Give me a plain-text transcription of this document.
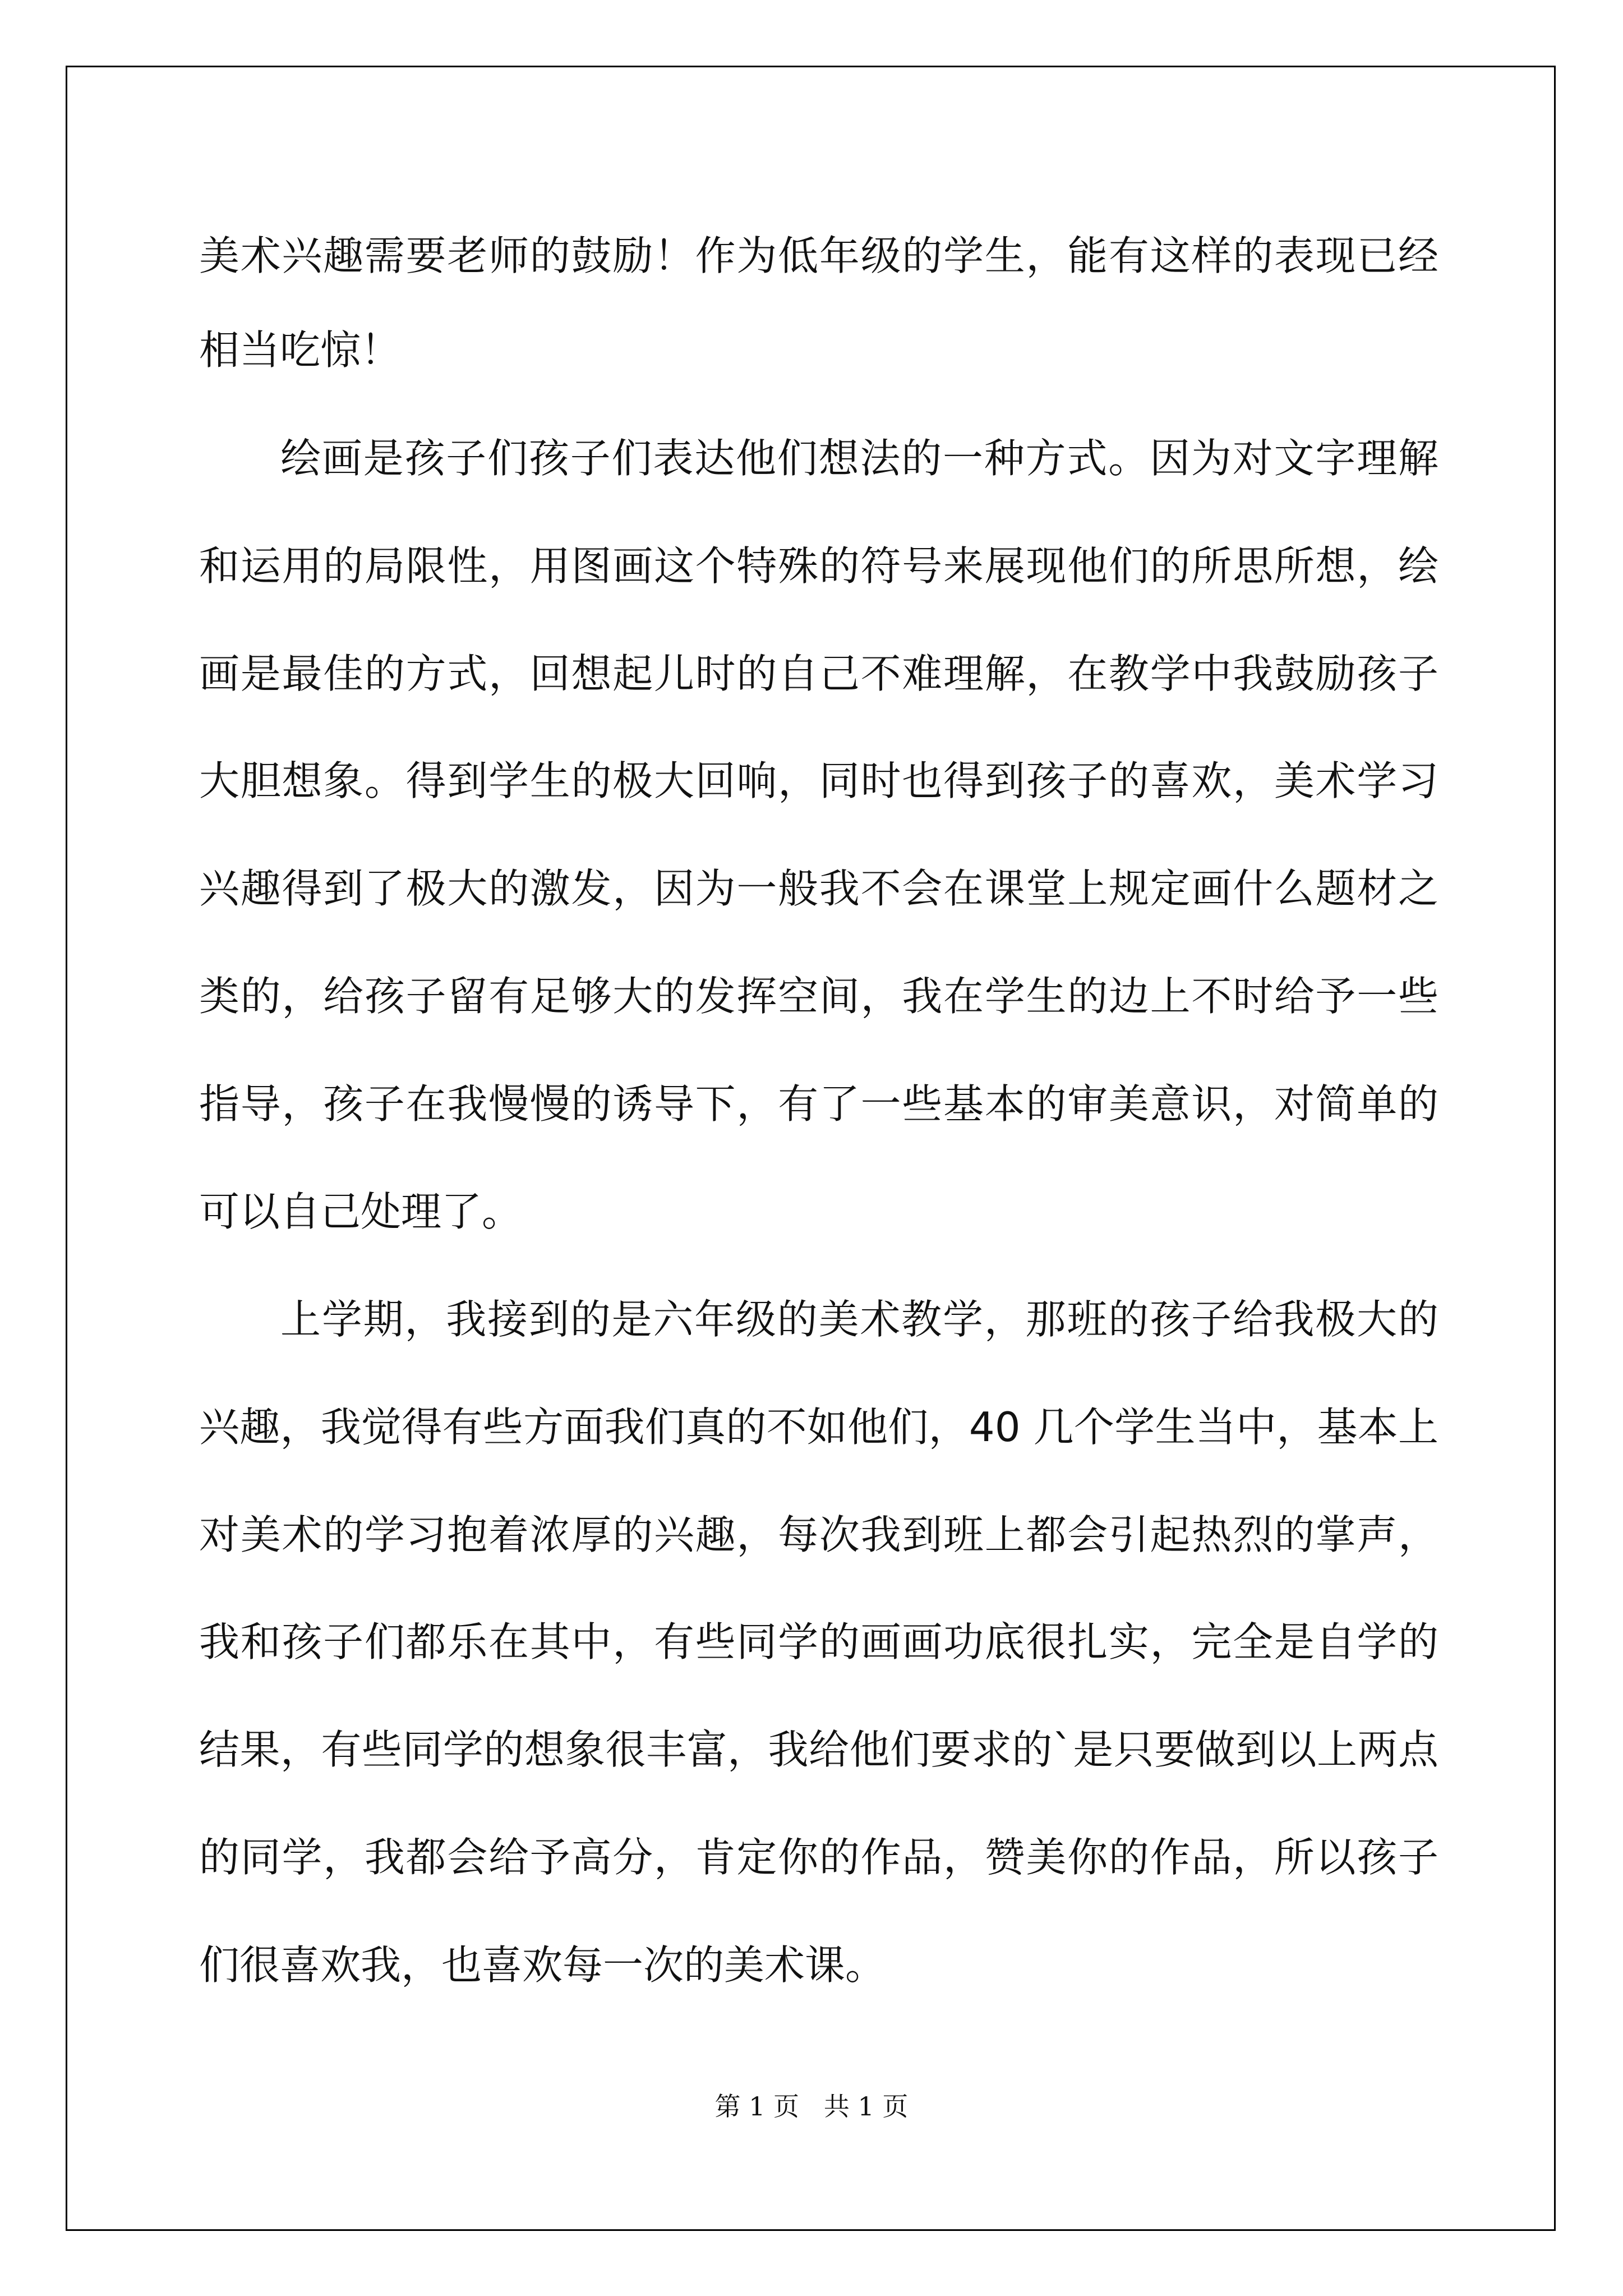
美术兴趣需要老师的鼓励！作为低年级的学生，能有这样的表现已经
相当吃惊！
绘画是孩子们孩子们表达他们想法的一种方式。因为对文字理解
和运用的局限性，用图画这个特殊的符号来展现他们的所思所想，绘
画是最佳的方式，回想起儿时的自己不难理解，在教学中我鼓励孩子
大胆想象。得到学生的极大回响，同时也得到孩子的喜欢，美术学习
兴趣得到了极大的激发，因为一般我不会在课堂上规定画什么题材之
类的，给孩子留有足够大的发挥空间，我在学生的边上不时给予一些
指导，孩子在我慢慢的诱导下，有了一些基本的审美意识，对简单的
可以自己处理了。
上学期，我接到的是六年级的美术教学，那班的孩子给我极大的
兴趣，我觉得有些方面我们真的不如他们，40 几个学生当中，基本上
对美术的学习抱着浓厚的兴趣，每次我到班上都会引起热烈的掌声，
我和孩子们都乐在其中，有些同学的画画功底很扎实，完全是自学的
结果，有些同学的想象很丰富，我给他们要求的`是只要做到以上两点
的同学，我都会给予高分，肯定你的作品，赞美你的作品，所以孩子
们很喜欢我，也喜欢每一次的美术课。
第 1 页   共 1 页
